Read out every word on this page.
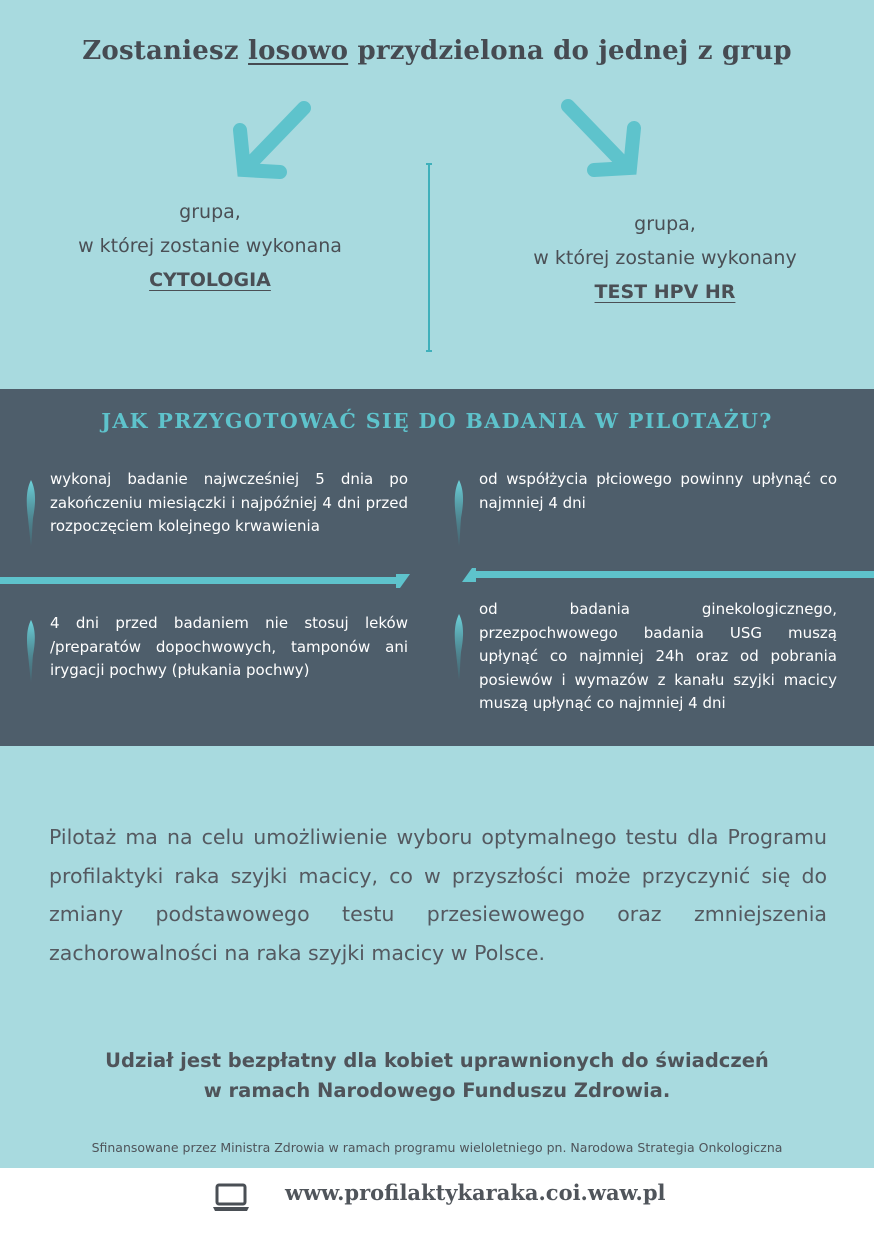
Zostaniesz losowo przydzielona do jednej z grup
grupa,
w której zostanie wykonana
CYTOLOGIA
grupa,
w której zostanie wykonany
TEST HPV HR
JAK PRZYGOTOWAĆ SIĘ DO BADANIA W PILOTAŻU?
wykonaj badanie najwcześniej 5 dnia po zakończeniu miesiączki i najpóźniej 4 dni przed rozpoczęciem kolejnego krwawienia
od współżycia płciowego powinny upłynąć co najmniej 4 dni
4 dni przed badaniem nie stosuj leków /preparatów dopochwowych, tamponów ani irygacji pochwy (płukania pochwy)
od badania ginekologicznego, przezpochwowego badania USG muszą upłynąć co najmniej 24h oraz od pobrania posiewów i wymazów z kanału szyjki macicy muszą upłynąć co najmniej 4 dni
Pilotaż ma na celu umożliwienie wyboru optymalnego testu dla Programu profilaktyki raka szyjki macicy, co w przyszłości może przyczynić się do zmiany podstawowego testu przesiewowego oraz zmniejszenia zachorowalności na raka szyjki macicy w Polsce.
Udział jest bezpłatny dla kobiet uprawnionych do świadczeń
w ramach Narodowego Funduszu Zdrowia.
Sfinansowane przez Ministra Zdrowia w ramach programu wieloletniego pn. Narodowa Strategia Onkologiczna
www.profilaktykaraka.coi.waw.pl
